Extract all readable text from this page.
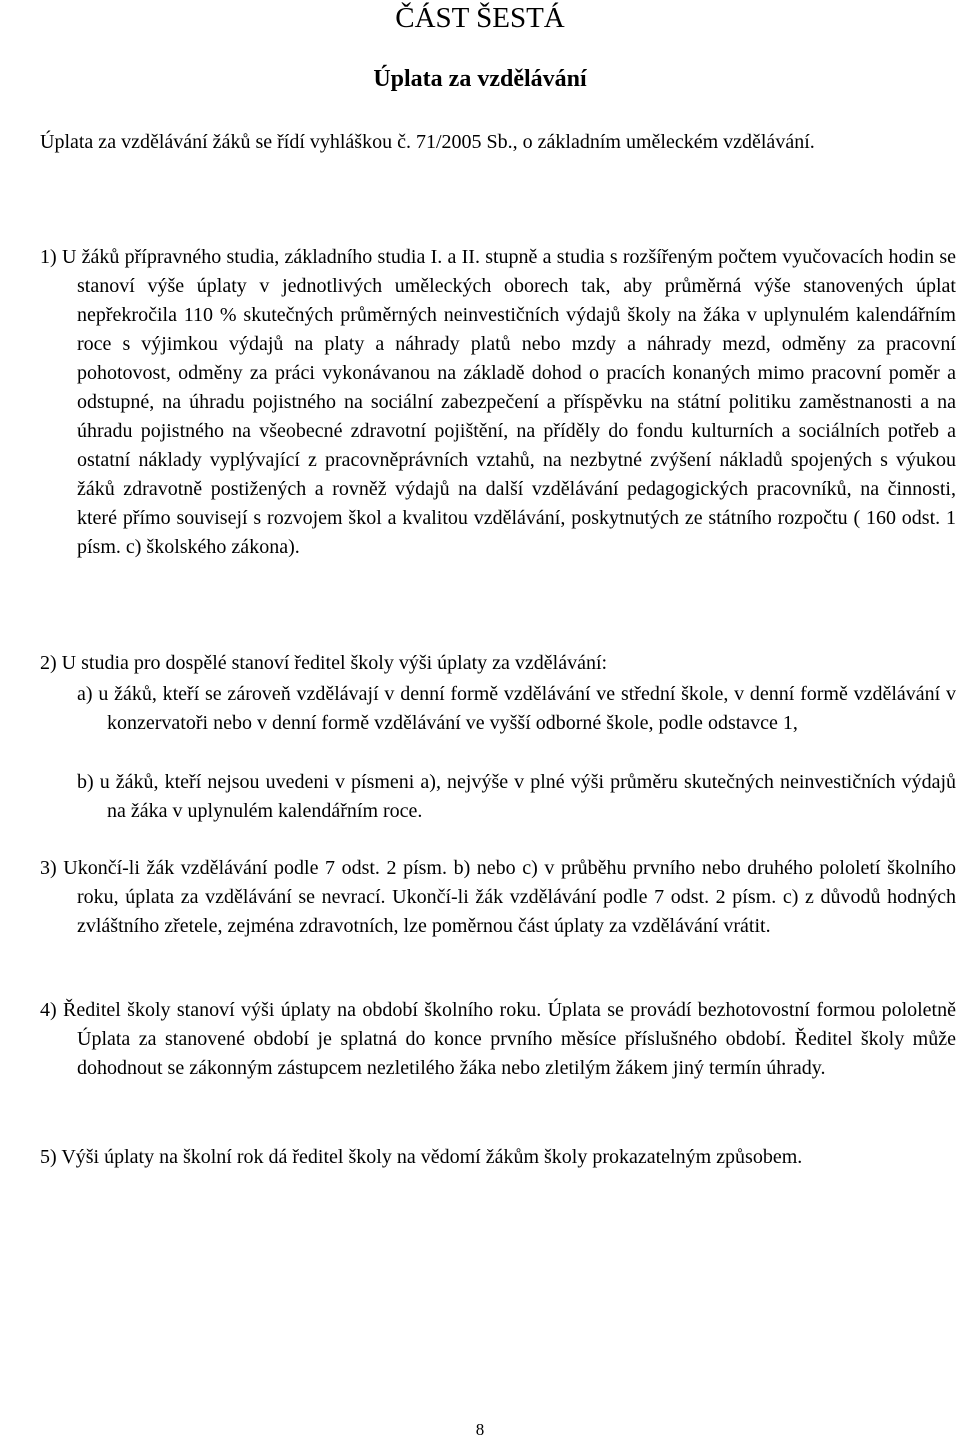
ČÁST ŠESTÁ
Úplata za vzdělávání

Úplata za vzdělávání žáků se řídí vyhláškou č. 71/2005 Sb., o základním uměleckém vzdělávání.

1) U žáků přípravného studia, základního studia I. a II. stupně a studia s rozšířeným počtem vyučovacích hodin se stanoví výše úplaty v jednotlivých uměleckých oborech tak, aby průměrná výše stanovených úplat nepřekročila 110 % skutečných průměrných neinvestičních výdajů školy na žáka v uplynulém kalendářním roce s výjimkou výdajů na platy a náhrady platů nebo mzdy a náhrady mezd, odměny za pracovní pohotovost, odměny za práci vykonávanou na základě dohod o pracích konaných mimo pracovní poměr a odstupné, na úhradu pojistného na sociální zabezpečení a příspěvku na státní politiku zaměstnanosti a na úhradu pojistného na všeobecné zdravotní pojištění, na příděly do fondu kulturních a sociálních potřeb a ostatní náklady vyplývající z pracovněprávních vztahů, na nezbytné zvýšení nákladů spojených s výukou žáků zdravotně postižených a rovněž výdajů na další vzdělávání pedagogických pracovníků, na činnosti, které přímo souvisejí s rozvojem škol a kvalitou vzdělávání, poskytnutých ze státního rozpočtu ( 160 odst. 1 písm. c) školského zákona).

2) U studia pro dospělé stanoví ředitel školy výši úplaty za vzdělávání:

a) u žáků, kteří se zároveň vzdělávají v denní formě vzdělávání ve střední škole, v denní formě vzdělávání v konzervatoři nebo v denní formě vzdělávání ve vyšší odborné škole, podle odstavce 1,

b) u žáků, kteří nejsou uvedeni v písmeni a), nejvýše v plné výši průměru skutečných neinvestičních výdajů na žáka v uplynulém kalendářním roce.

3) Ukončí-li žák vzdělávání podle 7 odst. 2 písm. b) nebo c) v průběhu prvního nebo druhého pololetí školního roku, úplata za vzdělávání se nevrací. Ukončí-li žák vzdělávání podle 7 odst. 2 písm. c) z důvodů hodných zvláštního zřetele, zejména zdravotních, lze poměrnou část úplaty za vzdělávání vrátit.

4) Ředitel školy stanoví výši úplaty na období školního roku. Úplata se provádí bezhotovostní formou pololetně Úplata za stanovené období je splatná do konce prvního měsíce příslušného období. Ředitel školy může dohodnout se zákonným zástupcem nezletilého žáka nebo zletilým žákem jiný termín úhrady.

5) Výši úplaty na školní rok dá ředitel školy na vědomí žákům školy prokazatelným způsobem.

8
